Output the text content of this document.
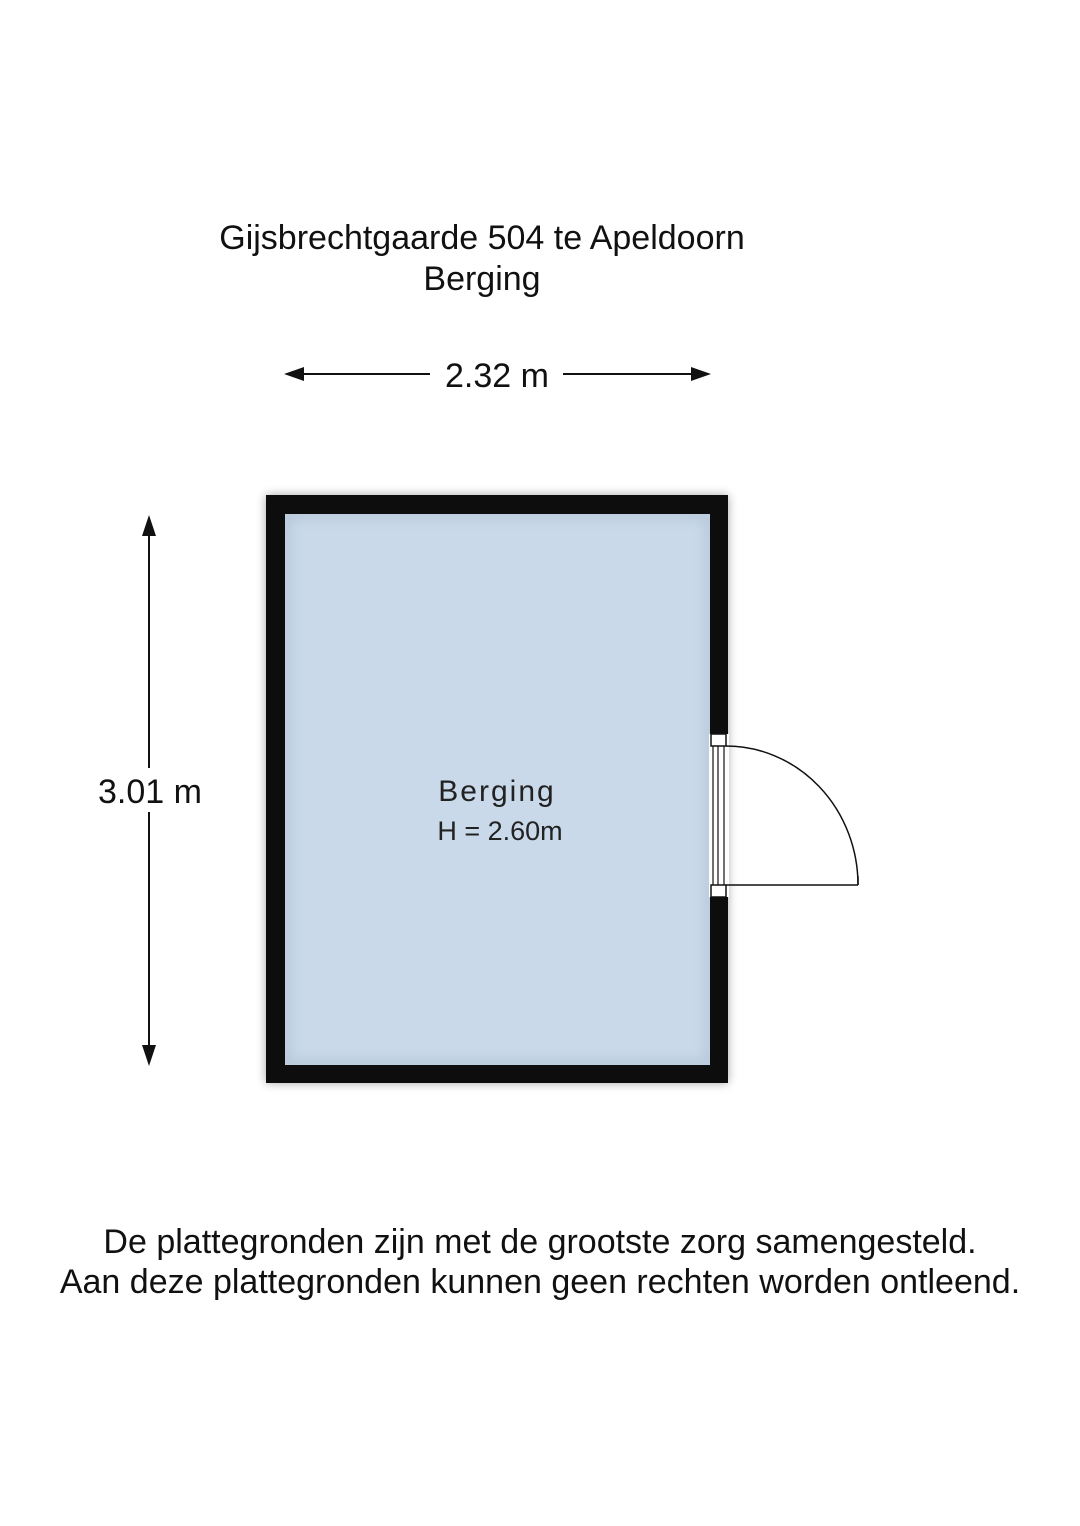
Gijsbrechtgaarde 504 te Apeldoorn
Berging
2.32 m
3.01 m	Berging
H = 2.60m
De plattegronden zijn met de grootste zorg samengesteld.
Aan deze plattegronden kunnen geen rechten worden ontleend.
